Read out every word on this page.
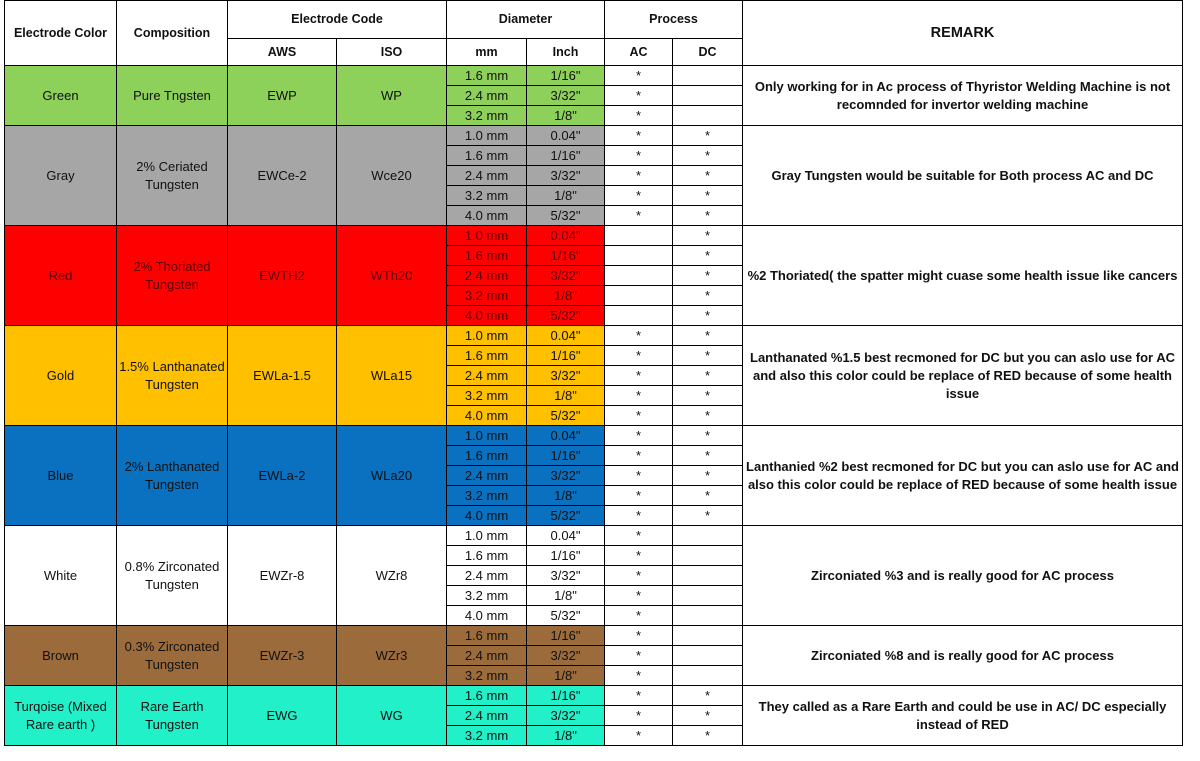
Electrode Color	Composition	Electrode Code		Diameter		Process		REMARK
		AWS	ISO	mm	Inch	AC	DC	
Green	Pure Tngsten	EWP	WP	1.6 mm	1/16"	*		Only working for in Ac process of Thyristor Welding Machine is not recomnded for invertor welding machine
				2.4 mm	3/32"	*		
				3.2 mm	1/8"	*		
Gray	2% Ceriated Tungsten	EWCe-2	Wce20	1.0 mm	0.04"	*	*	Gray Tungsten would be suitable for Both process AC and DC
				1.6 mm	1/16"	*	*	
				2.4 mm	3/32"	*	*	
				3.2 mm	1/8"	*	*	
				4.0 mm	5/32"	*	*	
Red	2% Thoriated Tungsten	EWTH2	WTh20	1.0 mm	0.04"		*	%2 Thoriated( the spatter might cuase some health issue like cancers
				1.6 mm	1/16"		*	
				2.4 mm	3/32"		*	
				3.2 mm	1/8"		*	
				4.0 mm	5/32"		*	
Gold	1.5% Lanthanated Tungsten	EWLa-1.5	WLa15	1.0 mm	0.04"	*	*	Lanthanated %1.5 best recmoned for DC but you can aslo use for AC and also this color could be replace of RED because of some health issue
				1.6 mm	1/16"	*	*	
				2.4 mm	3/32"	*	*	
				3.2 mm	1/8"	*	*	
				4.0 mm	5/32"	*	*	
Blue	2% Lanthanated Tungsten	EWLa-2	WLa20	1.0 mm	0.04"	*	*	Lanthanied %2 best recmoned for DC but you can aslo use for AC and also this color could be replace of RED because of some health issue
				1.6 mm	1/16"	*	*	
				2.4 mm	3/32"	*	*	
				3.2 mm	1/8"	*	*	
				4.0 mm	5/32"	*	*	
White	0.8% Zirconated Tungsten	EWZr-8	WZr8	1.0 mm	0.04"	*		Zirconiated %3 and is really good for AC process
				1.6 mm	1/16"	*		
				2.4 mm	3/32"	*		
				3.2 mm	1/8"	*		
				4.0 mm	5/32"	*		
Brown	0.3% Zirconated Tungsten	EWZr-3	WZr3	1.6 mm	1/16"	*		Zirconiated %8 and is really good for AC process
				2.4 mm	3/32"	*		
				3.2 mm	1/8"	*		
Turqoise (Mixed Rare earth )	Rare Earth Tungsten	EWG	WG	1.6 mm	1/16"	*	*	They called as a Rare Earth and could be use in AC/ DC especially instead of RED
				2.4 mm	3/32"	*	*	
				3.2 mm	1/8"	*	*	
